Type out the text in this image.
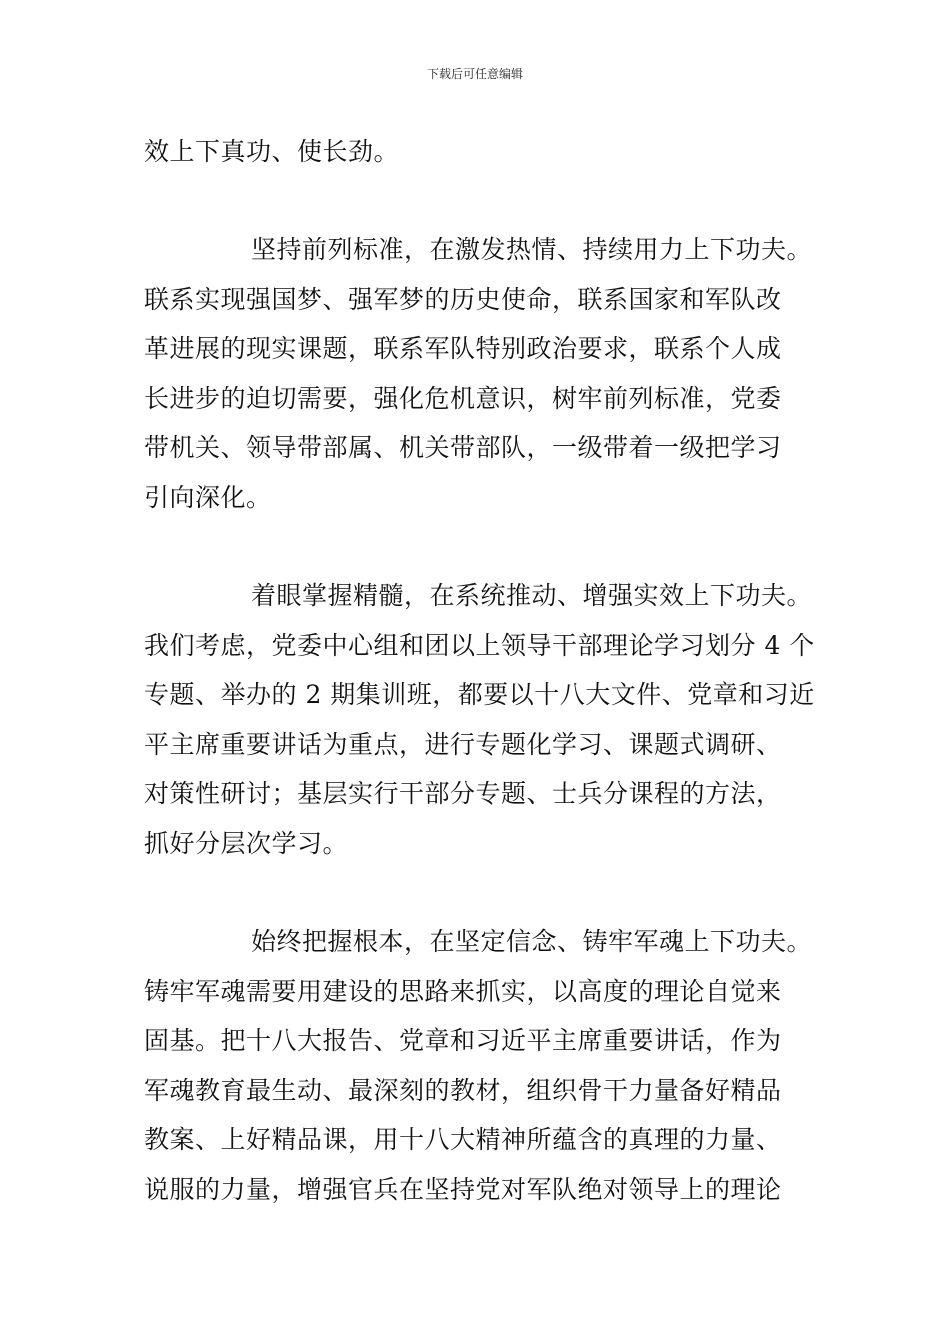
下载后可任意编辑
效上下真功、使长劲。
坚持前列标准，在激发热情、持续用力上下功夫。
联系实现强国梦、强军梦的历史使命，联系国家和军队改
革进展的现实课题，联系军队特别政治要求，联系个人成
长进步的迫切需要，强化危机意识，树牢前列标准，党委
带机关、领导带部属、机关带部队，一级带着一级把学习
引向深化。
着眼掌握精髓，在系统推动、增强实效上下功夫。
我们考虑，党委中心组和团以上领导干部理论学习划分 4 个
专题、举办的 2 期集训班，都要以十八大文件、党章和习近
平主席重要讲话为重点，进行专题化学习、课题式调研、
对策性研讨；基层实行干部分专题、士兵分课程的方法，
抓好分层次学习。
始终把握根本，在坚定信念、铸牢军魂上下功夫。
铸牢军魂需要用建设的思路来抓实，以高度的理论自觉来
固基。把十八大报告、党章和习近平主席重要讲话，作为
军魂教育最生动、最深刻的教材，组织骨干力量备好精品
教案、上好精品课，用十八大精神所蕴含的真理的力量、
说服的力量，增强官兵在坚持党对军队绝对领导上的理论
